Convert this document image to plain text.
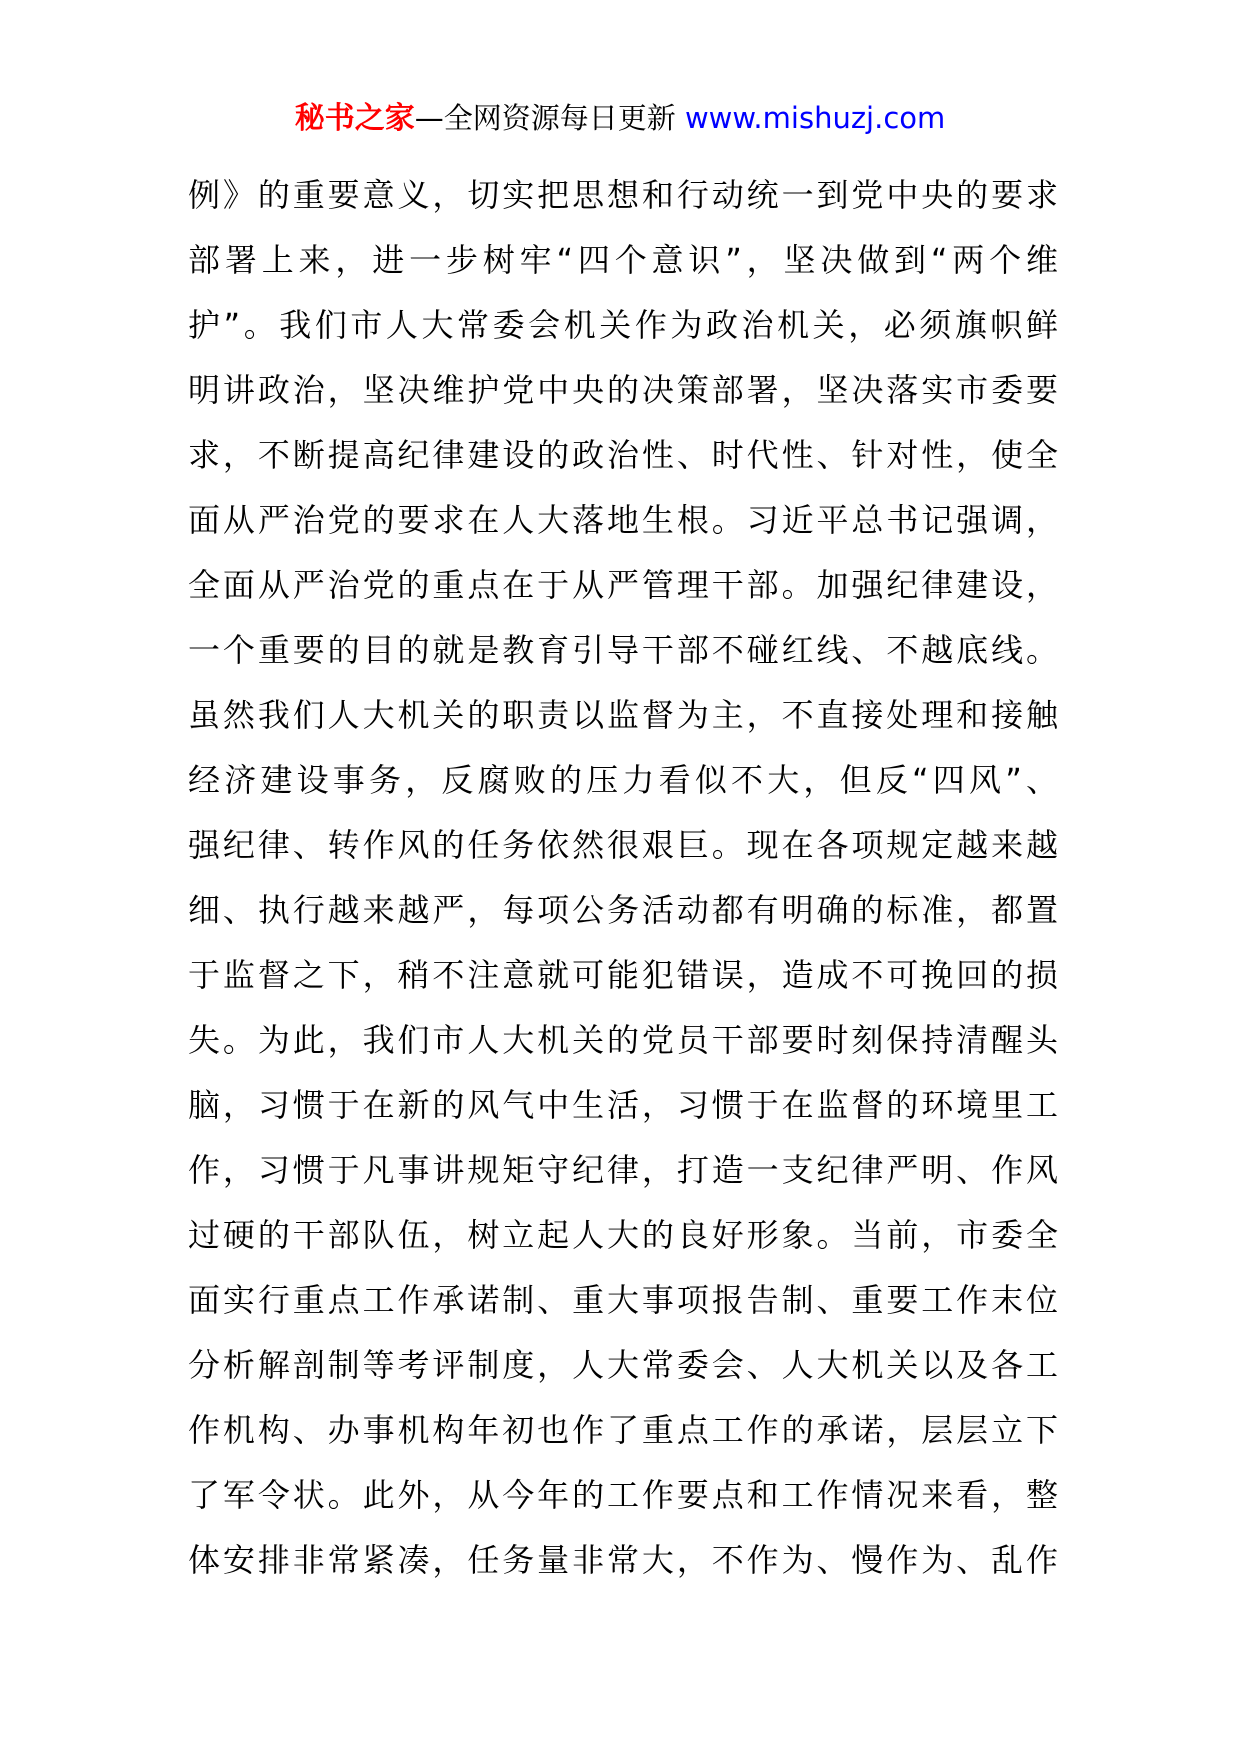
秘书之家—全网资源每日更新 www.mishuzj.com
例》的重要意义，切实把思想和行动统一到党中央的要求
部署上来，进一步树牢“四个意识”，坚决做到“两个维
护”。我们市人大常委会机关作为政治机关，必须旗帜鲜
明讲政治，坚决维护党中央的决策部署，坚决落实市委要
求，不断提高纪律建设的政治性、时代性、针对性，使全
面从严治党的要求在人大落地生根。习近平总书记强调，
全面从严治党的重点在于从严管理干部。加强纪律建设，
一个重要的目的就是教育引导干部不碰红线、不越底线。
虽然我们人大机关的职责以监督为主，不直接处理和接触
经济建设事务，反腐败的压力看似不大，但反“四风”、
强纪律、转作风的任务依然很艰巨。现在各项规定越来越
细、执行越来越严，每项公务活动都有明确的标准，都置
于监督之下，稍不注意就可能犯错误，造成不可挽回的损
失。为此，我们市人大机关的党员干部要时刻保持清醒头
脑，习惯于在新的风气中生活，习惯于在监督的环境里工
作，习惯于凡事讲规矩守纪律，打造一支纪律严明、作风
过硬的干部队伍，树立起人大的良好形象。当前，市委全
面实行重点工作承诺制、重大事项报告制、重要工作末位
分析解剖制等考评制度，人大常委会、人大机关以及各工
作机构、办事机构年初也作了重点工作的承诺，层层立下
了军令状。此外，从今年的工作要点和工作情况来看，整
体安排非常紧凑，任务量非常大，不作为、慢作为、乱作
